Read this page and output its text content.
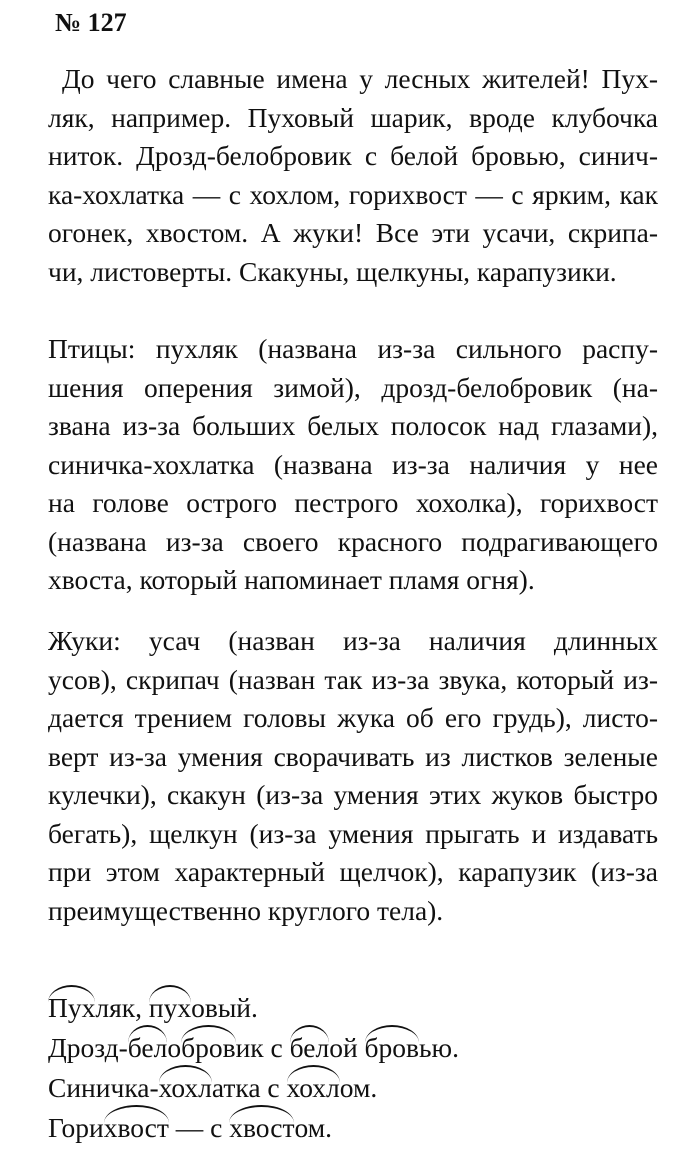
№ 127
До чего славные имена у лесных жителей! Пух-
ляк, например. Пуховый шарик, вроде клубочка
ниток. Дрозд-белобровик с белой бровью, синич-
ка-хохлатка — с хохлом, горихвост — с ярким, как
огонек, хвостом. А жуки! Все эти усачи, скрипа-
чи, листоверты. Скакуны, щелкуны, карапузики.
Птицы: пухляк (названа из-за сильного распу-
шения оперения зимой), дрозд-белобровик (на-
звана из-за больших белых полосок над глазами),
синичка-хохлатка (названа из-за наличия у нее
на голове острого пестрого хохолка), горихвост
(названа из-за своего красного подрагивающего
хвоста, который напоминает пламя огня).
Жуки: усач (назван из-за наличия длинных
усов), скрипач (назван так из-за звука, который из-
дается трением головы жука об его грудь), листо-
верт из-за умения сворачивать из листков зеленые
кулечки), скакун (из-за умения этих жуков быстро
бегать), щелкун (из-за умения прыгать и издавать
при этом характерный щелчок), карапузик (из-за
преимущественно круглого тела).
Пухляк, пуховый.
Дрозд-белобровик с белой бровью.
Синичка-хохлатка с хохлом.
Горихвост — с хвостом.
